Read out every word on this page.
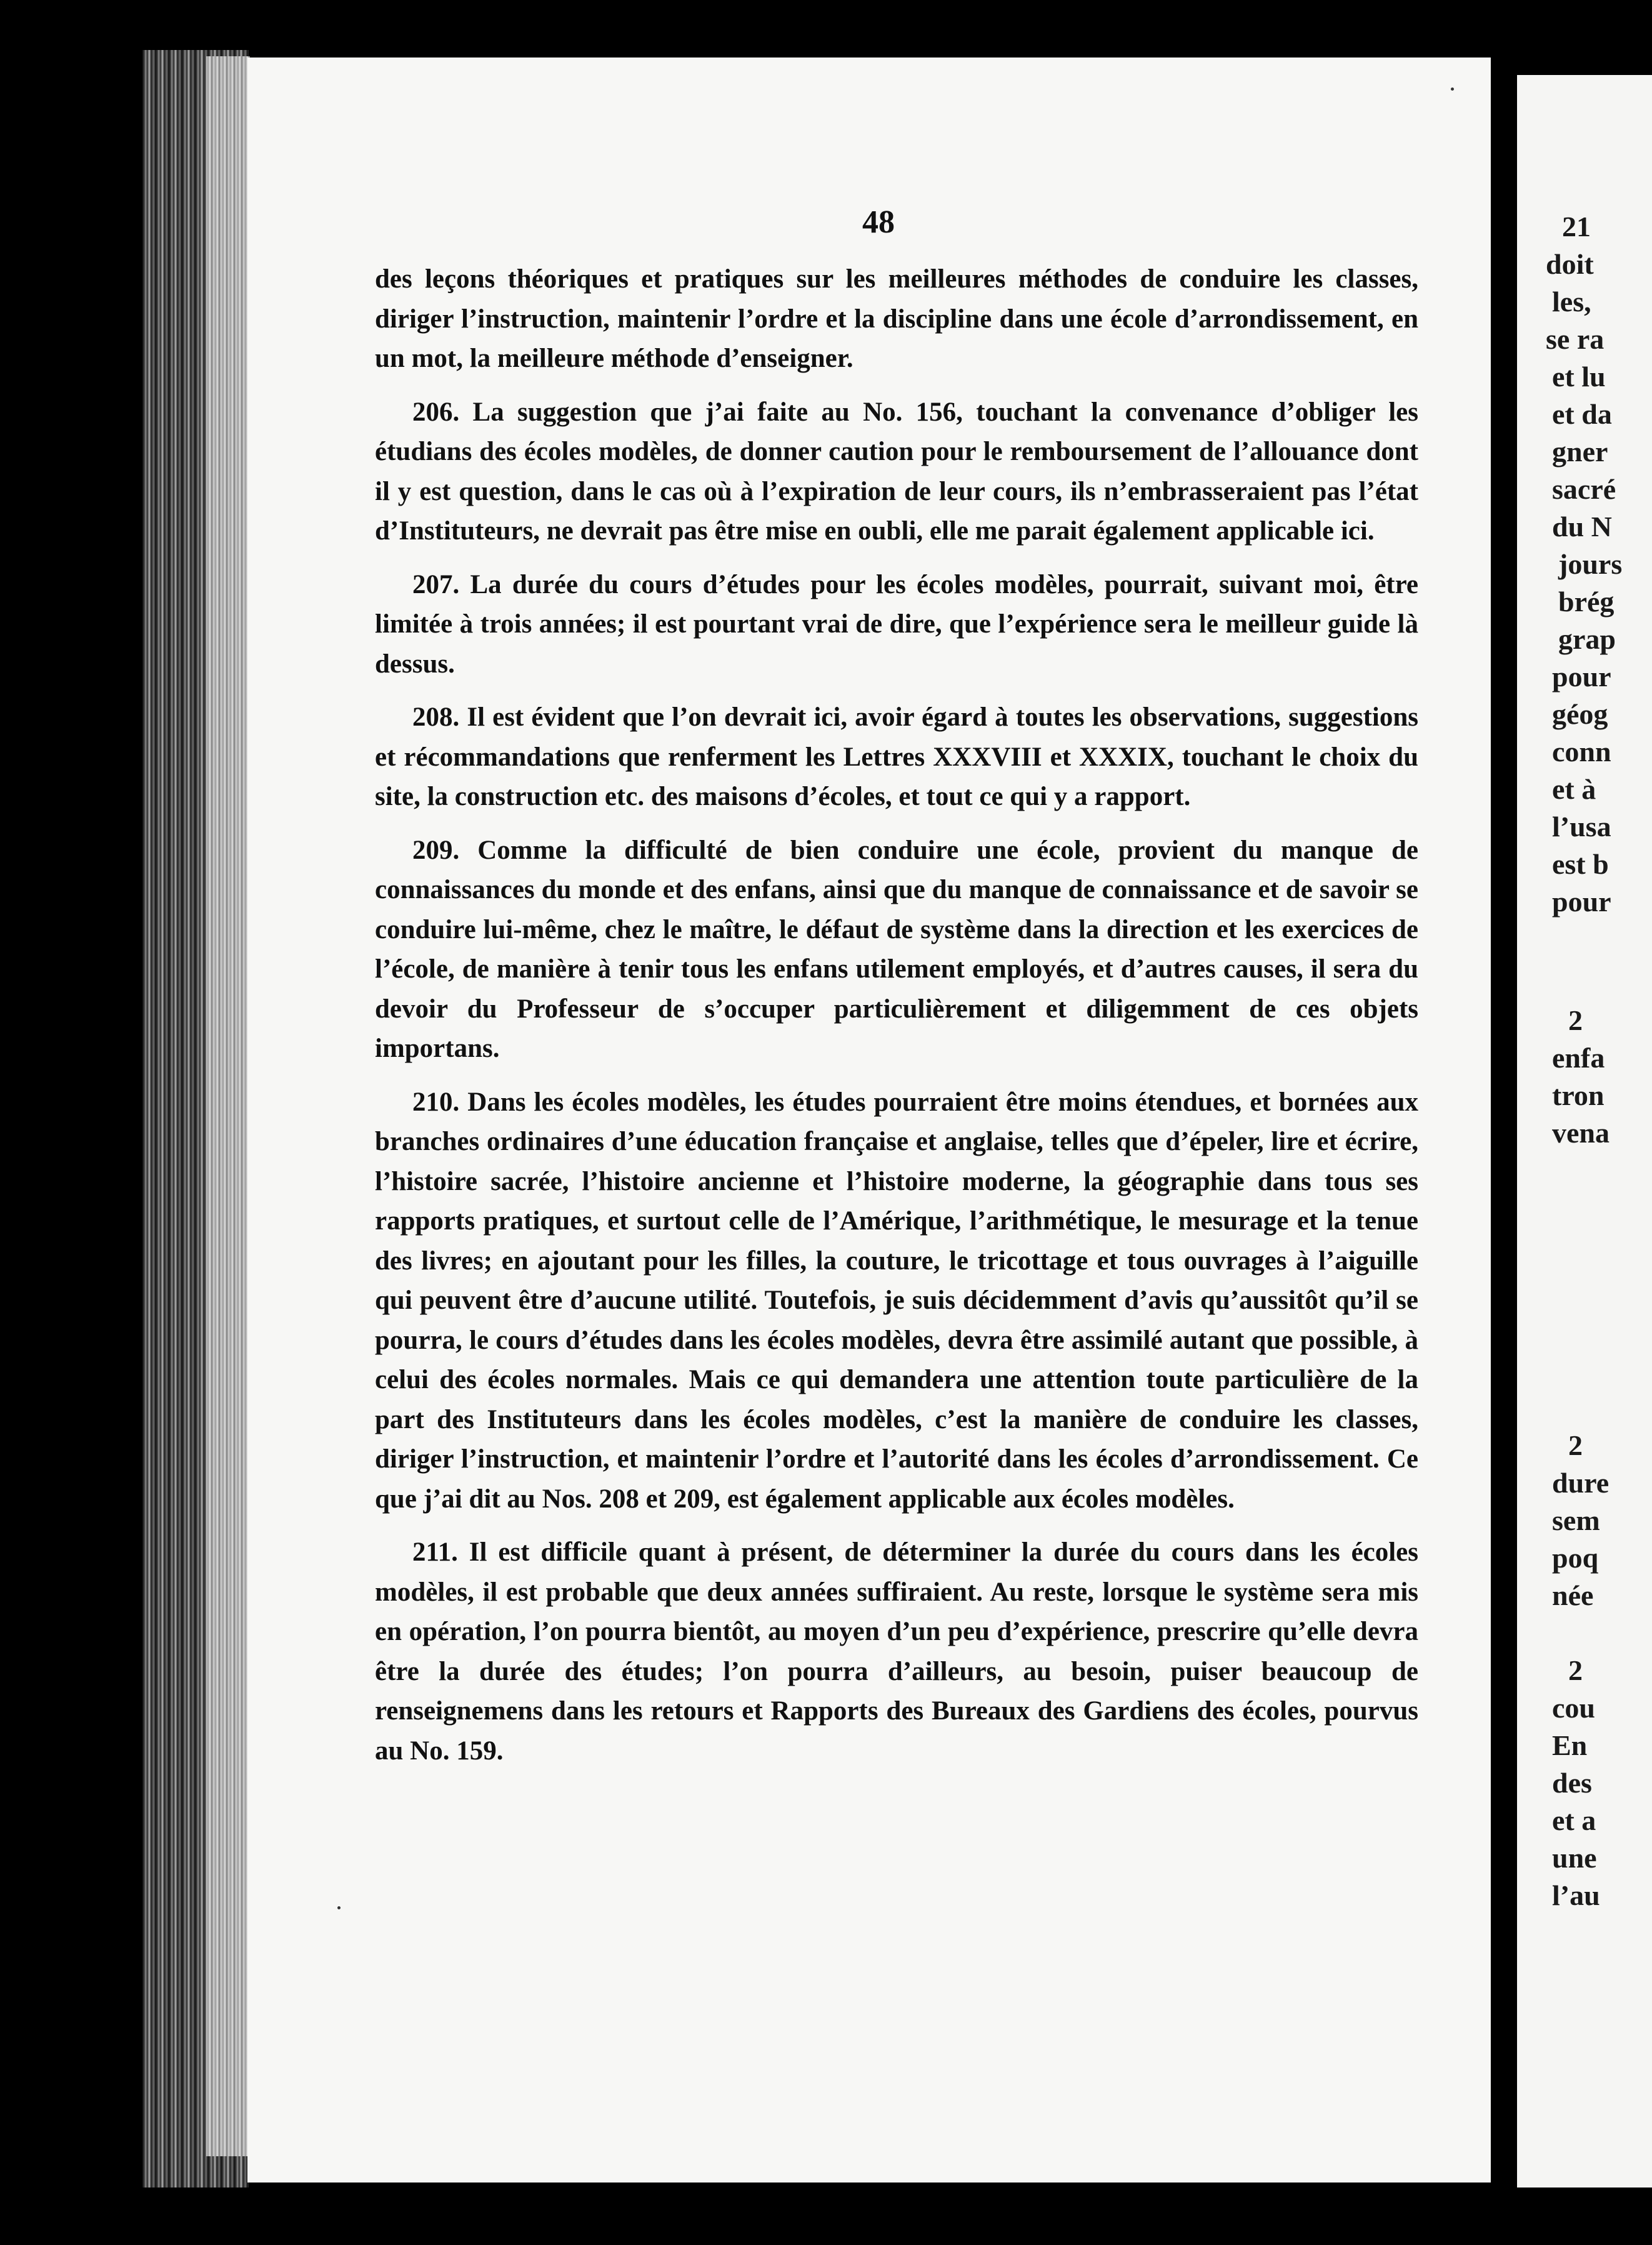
21
doit
les,
se ra
et lu
et da
gner
sacré
du N
jours
brég
grap
pour
géog
conn
et à
l’usa
est b
pour
2
enfa
tron
vena
2
dure
sem
poq
née
2
cou
En
des
et a
une
l’au
48

des leçons théoriques et pratiques sur les meilleures méthodes de conduire les classes, diriger l’instruction, maintenir l’ordre et la discipline dans une école d’arrondissement, en un mot, la meilleure méthode d’enseigner.

206. La suggestion que j’ai faite au No. 156, touchant la convenance d’obliger les étudians des écoles modèles, de donner caution pour le remboursement de l’allouance dont il y est question, dans le cas où à l’expiration de leur cours, ils n’embrasseraient pas l’état d’Instituteurs, ne devrait pas être mise en oubli, elle me parait également applicable ici.

207. La durée du cours d’études pour les écoles modèles, pourrait, suivant moi, être limitée à trois années; il est pourtant vrai de dire, que l’expérience sera le meilleur guide là dessus.

208. Il est évident que l’on devrait ici, avoir égard à toutes les observations, suggestions et récommandations que renferment les Lettres XXXVIII et XXXIX, touchant le choix du site, la construction etc. des maisons d’écoles, et tout ce qui y a rapport.

209. Comme la difficulté de bien conduire une école, provient du manque de connaissances du monde et des enfans, ainsi que du manque de connaissance et de savoir se conduire lui-même, chez le maître, le défaut de système dans la direction et les exercices de l’école, de manière à tenir tous les enfans utilement employés, et d’autres causes, il sera du devoir du Professeur de s’occuper particulièrement et diligemment de ces objets importans.

210. Dans les écoles modèles, les études pourraient être moins étendues, et bornées aux branches ordinaires d’une éducation française et anglaise, telles que d’épeler, lire et écrire, l’histoire sacrée, l’histoire ancienne et l’histoire moderne, la géographie dans tous ses rapports pratiques, et surtout celle de l’Amérique, l’arithmétique, le mesurage et la tenue des livres; en ajoutant pour les filles, la couture, le tricottage et tous ouvrages à l’aiguille qui peuvent être d’aucune utilité. Toutefois, je suis décidemment d’avis qu’aussitôt qu’il se pourra, le cours d’études dans les écoles modèles, devra être assimilé autant que possible, à celui des écoles normales. Mais ce qui demandera une attention toute particulière de la part des Instituteurs dans les écoles modèles, c’est la manière de conduire les classes, diriger l’instruction, et maintenir l’ordre et l’autorité dans les écoles d’arrondissement. Ce que j’ai dit au Nos. 208 et 209, est également applicable aux écoles modèles.

211. Il est difficile quant à présent, de déterminer la durée du cours dans les écoles modèles, il est probable que deux années suffiraient. Au reste, lorsque le système sera mis en opération, l’on pourra bientôt, au moyen d’un peu d’expérience, prescrire qu’elle devra être la durée des études; l’on pourra d’ailleurs, au besoin, puiser beaucoup de renseignemens dans les retours et Rapports des Bureaux des Gardiens des écoles, pourvus au No. 159.
